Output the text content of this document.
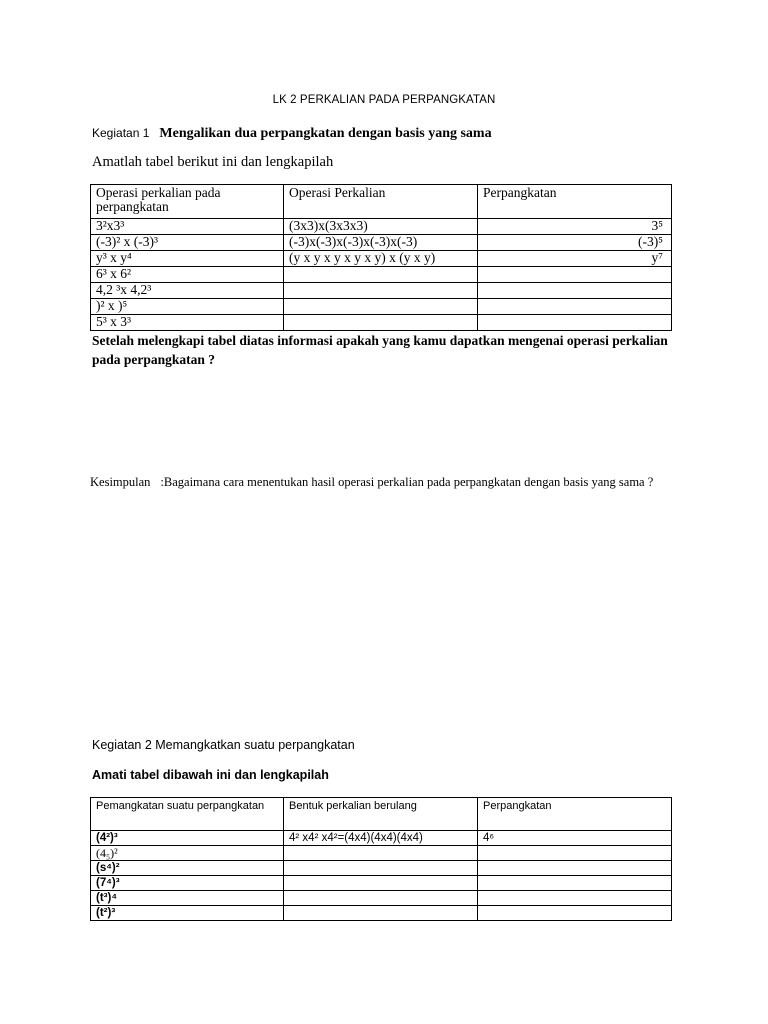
LK 2 PERKALIAN PADA PERPANGKATAN
Kegiatan 1 Mengalikan dua perpangkatan dengan basis yang sama
Amatlah tabel berikut ini dan lengkapilah
Operasi perkalian pada perpangkatan	Operasi Perkalian	Perpangkatan
3²x3³	(3x3)x(3x3x3)	3⁵
(-3)² x (-3)³	(-3)x(-3)x(-3)x(-3)x(-3)	(-3)⁵
y³ x y⁴	(y x y x y x y x y) x (y x y)	y⁷
6³ x 6²		
4,2 ³x 4,2³		
)² x )⁵		
5³ x 3³		
Setelah melengkapi tabel diatas informasi apakah yang kamu dapatkan mengenai operasi perkalian pada perpangkatan ?
Kesimpulan :Bagaimana cara menentukan hasil operasi perkalian pada perpangkatan dengan basis yang sama ?
Kegiatan 2 Memangkatkan suatu perpangkatan
Amati tabel dibawah ini dan lengkapilah
Pemangkatan suatu perpangkatan	Bentuk perkalian berulang	Perpangkatan
(4²)³	4² x4² x4²=(4x4)(4x4)(4x4)	4⁶
(4₅)²		
(s⁴)²		
(7⁴)³		
(t³)⁴		
(t²)³		
